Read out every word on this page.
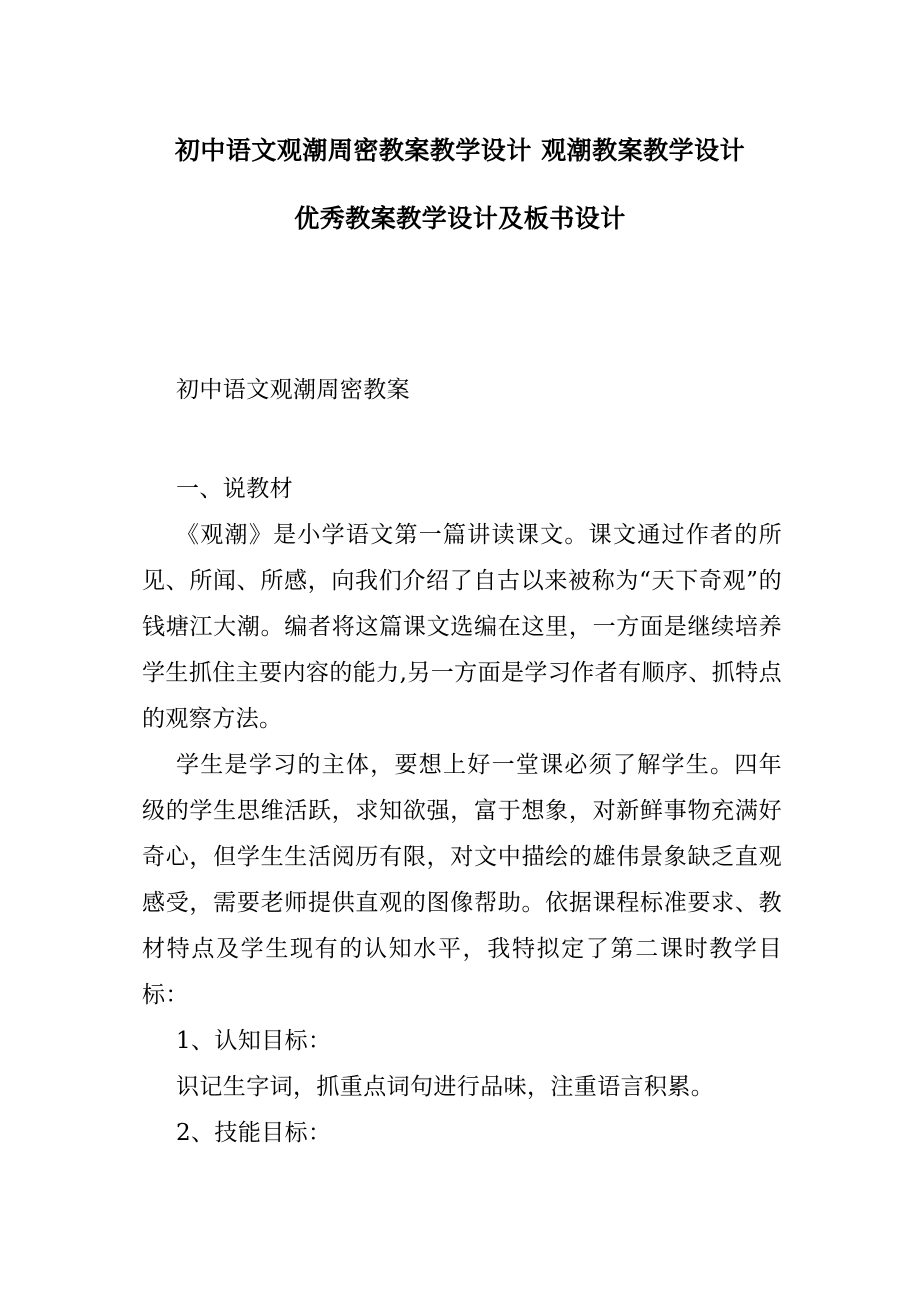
初中语文观潮周密教案教学设计 观潮教案教学设计
优秀教案教学设计及板书设计
初中语文观潮周密教案
一、说教材

《观潮》是小学语文第一篇讲读课文。课文通过作者的所见、所闻、所感，向我们介绍了自古以来被称为“天下奇观”的钱塘江大潮。编者将这篇课文选编在这里，一方面是继续培养学生抓住主要内容的能力,另一方面是学习作者有顺序、抓特点的观察方法。

学生是学习的主体，要想上好一堂课必须了解学生。四年级的学生思维活跃，求知欲强，富于想象，对新鲜事物充满好奇心，但学生生活阅历有限，对文中描绘的雄伟景象缺乏直观感受，需要老师提供直观的图像帮助。依据课程标准要求、教材特点及学生现有的认知水平，我特拟定了第二课时教学目标：

1、认知目标：

识记生字词，抓重点词句进行品味，注重语言积累。

2、技能目标：
